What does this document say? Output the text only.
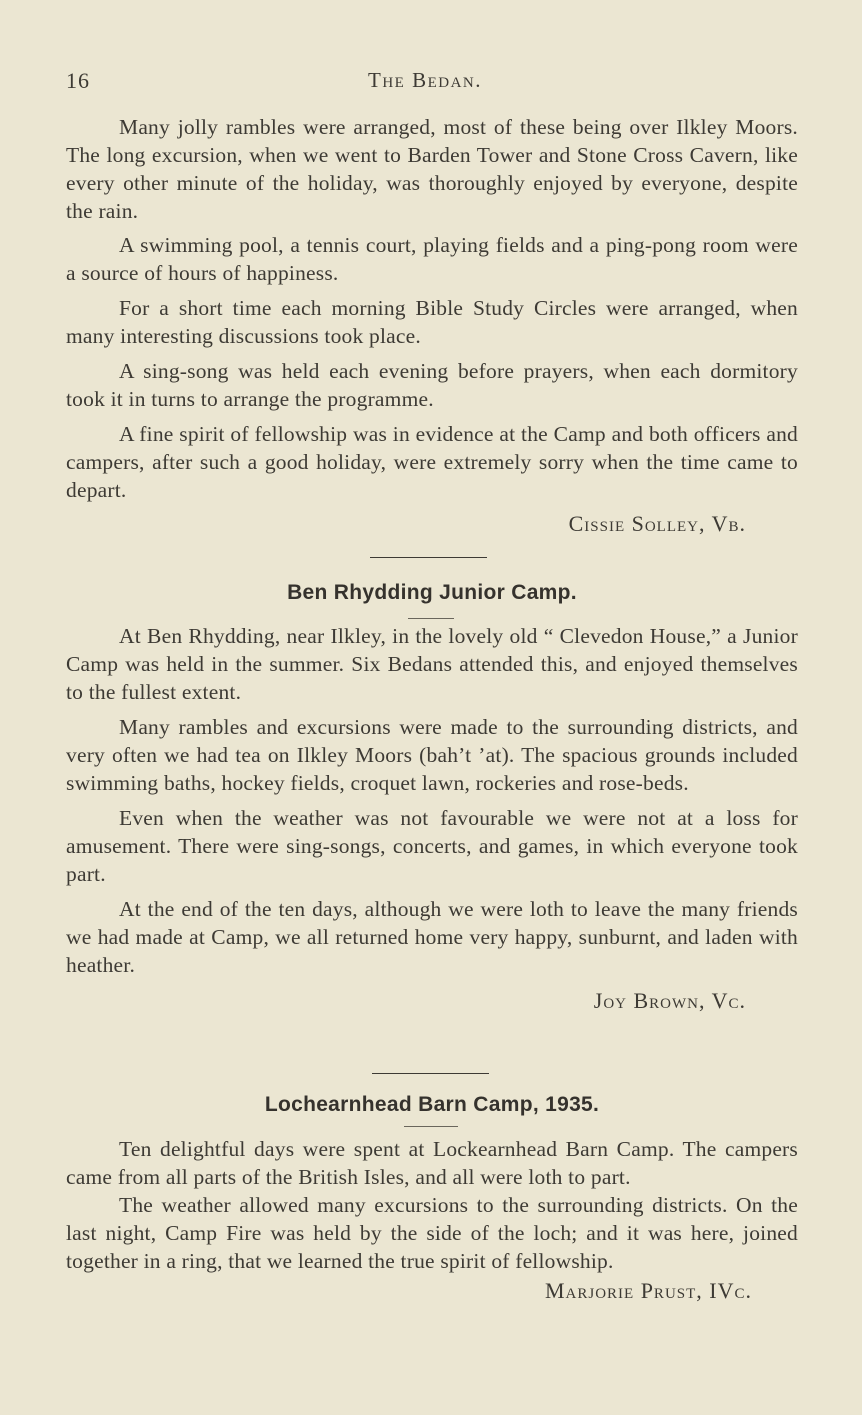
16	The Bedan.

Many jolly rambles were arranged, most of these being over Ilkley Moors. The long excursion, when we went to Barden Tower and Stone Cross Cavern, like every other minute of the holiday, was thoroughly enjoyed by everyone, despite the rain.

A swimming pool, a tennis court, playing fields and a ping-pong room were a source of hours of happiness.

For a short time each morning Bible Study Circles were arranged, when many interesting discussions took place.

A sing-song was held each evening before prayers, when each dormitory took it in turns to arrange the programme.

A fine spirit of fellowship was in evidence at the Camp and both officers and campers, after such a good holiday, were extremely sorry when the time came to depart.

Cissie Solley, Vb.

Ben Rhydding Junior Camp.

At Ben Rhydding, near Ilkley, in the lovely old “ Clevedon House,” a Junior Camp was held in the summer. Six Bedans attended this, and enjoyed themselves to the fullest extent.

Many rambles and excursions were made to the surrounding districts, and very often we had tea on Ilkley Moors (bah’t ’at). The spacious grounds included swimming baths, hockey fields, croquet lawn, rockeries and rose-beds.

Even when the weather was not favourable we were not at a loss for amusement. There were sing-songs, concerts, and games, in which everyone took part.

At the end of the ten days, although we were loth to leave the many friends we had made at Camp, we all returned home very happy, sunburnt, and laden with heather.

Joy Brown, Vc.

Lochearnhead Barn Camp, 1935.

Ten delightful days were spent at Lockearnhead Barn Camp. The campers came from all parts of the British Isles, and all were loth to part.

The weather allowed many excursions to the surrounding districts. On the last night, Camp Fire was held by the side of the loch; and it was here, joined together in a ring, that we learned the true spirit of fellowship.

Marjorie Prust, IVc.
